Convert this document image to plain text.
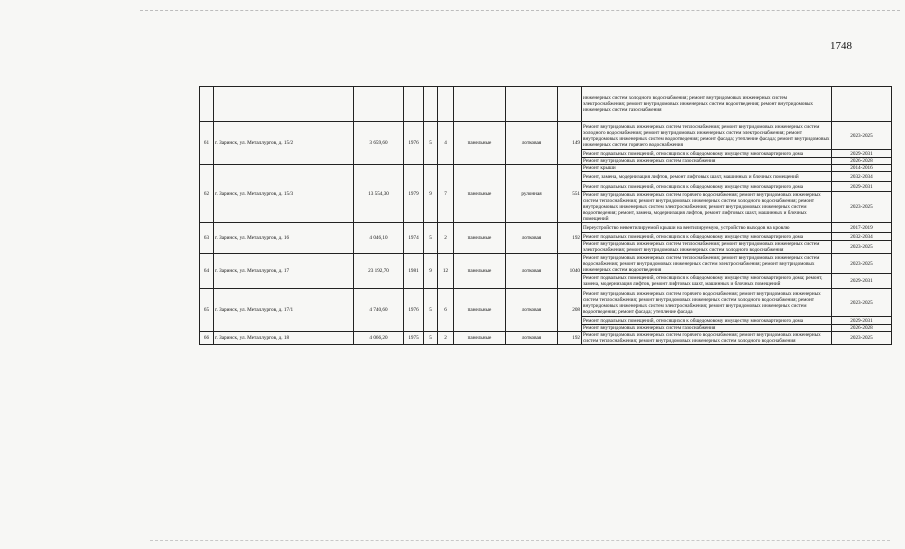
1748
									инженерных систем холодного водоснабжения; ремонт внутридомовых инженерных систем электроснабжения; ремонт внутридомовых инженерных систем водоотведения; ремонт внутридомовых инженерных систем газоснабжения	
61	г. Заринск, ул. Металлургов, д. 15/2	3 659,60	1976	5	4	панельные	лотковая	149	Ремонт внутридомовых инженерных систем теплоснабжения; ремонт внутридомовых инженерных систем холодного водоснабжения; ремонт внутридомовых инженерных систем электроснабжения; ремонт внутридомовых инженерных систем водоотведения; ремонт фасада; утепление фасада; ремонт внутридомовых инженерных систем горячего водоснабжения	2023-2025
									Ремонт подвальных помещений, относящихся к общедомовому имуществу многоквартирного дома	2029-2031
									Ремонт внутридомовых инженерных систем газоснабжения	2026-2028
62	г. Заринск, ул. Металлургов, д. 15/3	13 554,30	1979	9	7	панельные	рулонная	551	Ремонт крыши	2014-2016
									Ремонт, замена, модернизация лифтов, ремонт лифтовых шахт, машинных и блочных помещений	2032-2034
									Ремонт подвальных помещений, относящихся к общедомовому имуществу многоквартирного дома	2029-2031
									Ремонт внутридомовых инженерных систем горячего водоснабжения; ремонт внутридомовых инженерных систем теплоснабжения; ремонт внутридомовых инженерных систем холодного водоснабжения; ремонт внутридомовых инженерных систем электроснабжения; ремонт внутридомовых инженерных систем водоотведения; ремонт, замена, модернизация лифтов, ремонт лифтовых шахт, машинных и блочных помещений	2023-2025
63	г. Заринск, ул. Металлургов, д. 16	4 046,10	1974	5	2	панельные	лотковая	192	Переустройство невентилируемой крыши на вентилируемую, устройство выходов на кровлю	2017-2019
									Ремонт подвальных помещений, относящихся к общедомовому имуществу многоквартирного дома	2032-2034
									Ремонт внутридомовых инженерных систем теплоснабжения; ремонт внутридомовых инженерных систем электроснабжения; ремонт внутридомовых инженерных систем холодного водоснабжения	2023-2025
64	г. Заринск, ул. Металлургов, д. 17	23 192,70	1981	9	12	панельные	лотковая	1040	Ремонт внутридомовых инженерных систем теплоснабжения; ремонт внутридомовых инженерных систем водоснабжения; ремонт внутридомовых инженерных систем электроснабжения; ремонт внутридомовых инженерных систем водоотведения	2023-2025
									Ремонт подвальных помещений, относящихся к общедомовому имуществу многоквартирного дома; ремонт, замена, модернизация лифтов, ремонт лифтовых шахт, машинных и блочных помещений	2029-2031
65	г. Заринск, ул. Металлургов, д. 17/1	4 740,60	1976	5	6	панельные	лотковая	208	Ремонт внутридомовых инженерных систем горячего водоснабжения; ремонт внутридомовых инженерных систем теплоснабжения; ремонт внутридомовых инженерных систем холодного водоснабжения; ремонт внутридомовых инженерных систем электроснабжения; ремонт внутридомовых инженерных систем водоотведения; ремонт фасада; утепление фасада	2023-2025
									Ремонт подвальных помещений, относящихся к общедомовому имуществу многоквартирного дома	2029-2031
									Ремонт внутридомовых инженерных систем газоснабжения	2026-2028
66	г. Заринск, ул. Металлургов, д. 18	4 066,20	1975	5	2	панельные	лотковая	192	Ремонт внутридомовых инженерных систем горячего водоснабжения; ремонт внутридомовых инженерных систем теплоснабжения; ремонт внутридомовых инженерных систем холодного водоснабжения	2023-2025
